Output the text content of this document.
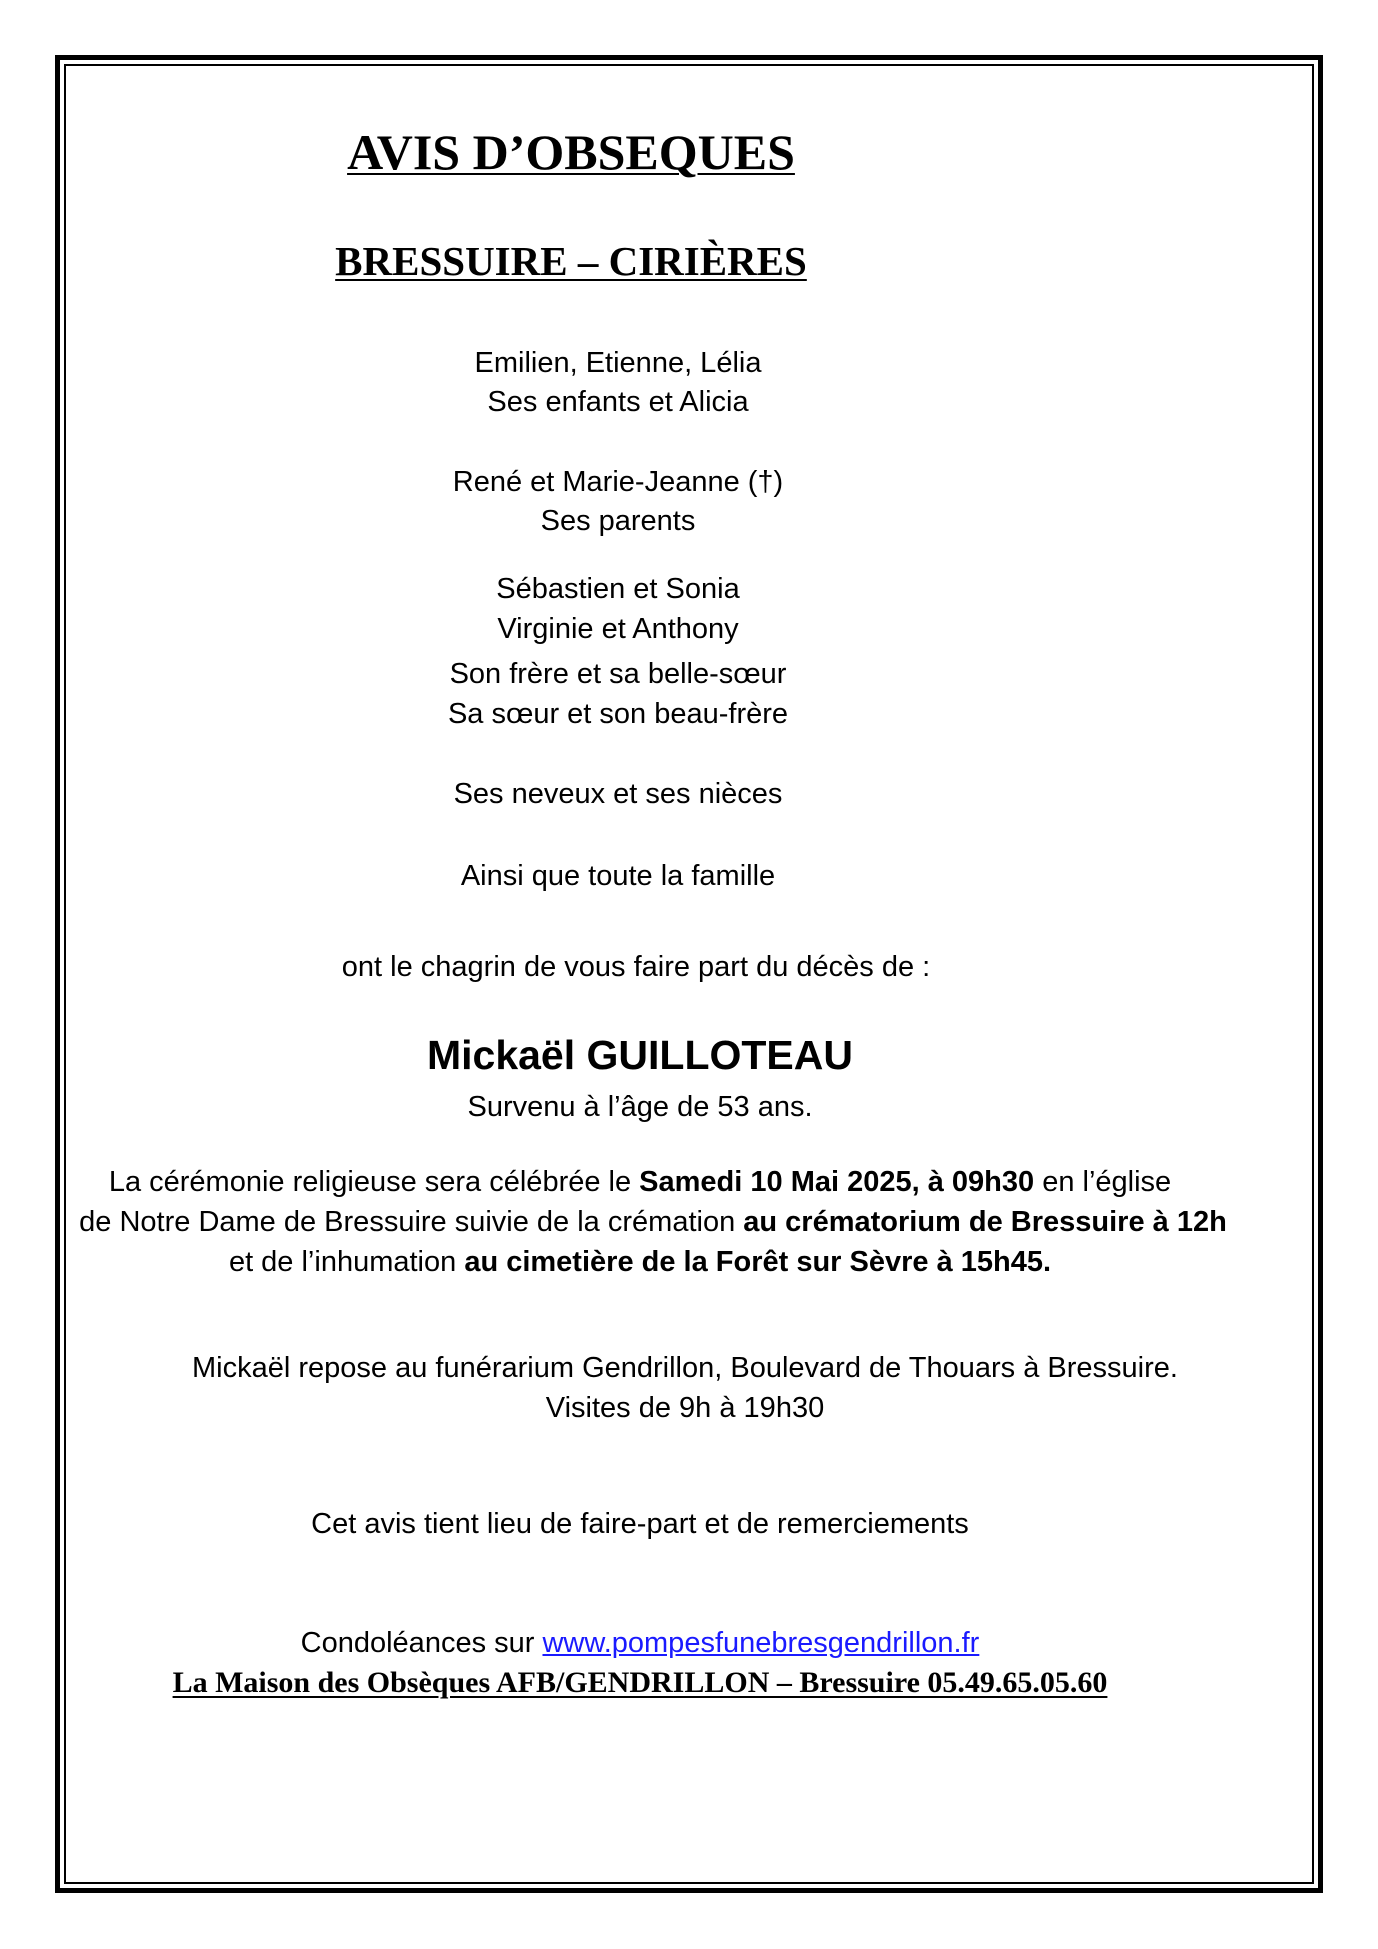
AVIS D’OBSEQUES
BRESSUIRE – CIRIÈRES
Emilien, Etienne, Lélia
Ses enfants et Alicia
René et Marie-Jeanne (†)
Ses parents
Sébastien et Sonia
Virginie et Anthony
Son frère et sa belle-sœur
Sa sœur et son beau-frère
Ses neveux et ses nièces
Ainsi que toute la famille
ont le chagrin de vous faire part du décès de :
Mickaël GUILLOTEAU
Survenu à l’âge de 53 ans.
La cérémonie religieuse sera célébrée le Samedi 10 Mai 2025, à 09h30 en l’église
de Notre Dame de Bressuire suivie de la crémation au crématorium de Bressuire à 12h
et de l’inhumation au cimetière de la Forêt sur Sèvre à 15h45.
Mickaël repose au funérarium Gendrillon, Boulevard de Thouars à Bressuire.
Visites de 9h à 19h30
Cet avis tient lieu de faire-part et de remerciements
Condoléances sur www.pompesfunebresgendrillon.fr
La Maison des Obsèques AFB/GENDRILLON – Bressuire 05.49.65.05.60
